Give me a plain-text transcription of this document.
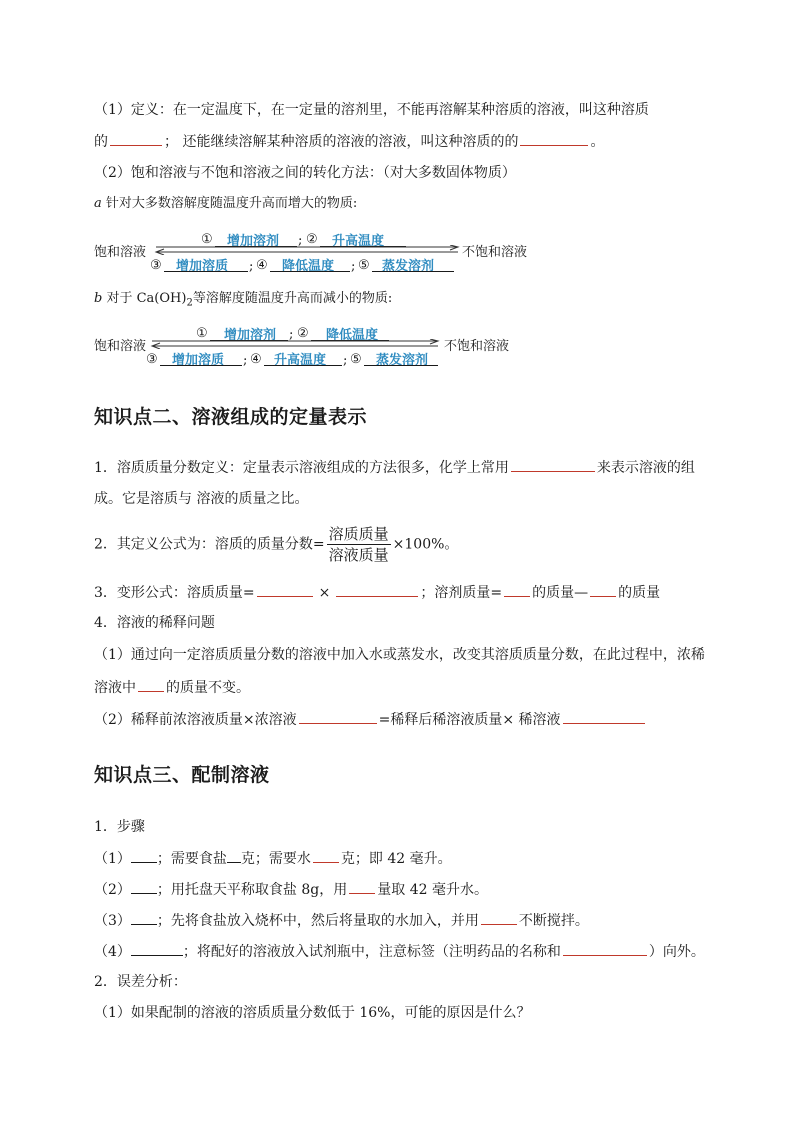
（1）定义：在一定温度下，在一定量的溶剂里，不能再溶解某种溶质的溶液，叫这种溶质
的	； 还能继续溶解某种溶质的溶液的溶液，叫这种溶质的的	。
（2）饱和溶液与不饱和溶液之间的转化方法：（对大多数固体物质）
a 针对大多数溶解度随温度升高而增大的物质:
饱和溶液
① 增加溶剂 ; ② 升高温度
不饱和溶液
③ 增加溶质 ; ④ 降低温度 ; ⑤ 蒸发溶剂
b 对于 $Ca(OH)_2$等溶解度随温度升高而减小的物质:
饱和溶液
① 增加溶剂 ; ② 降低温度
不饱和溶液
③ 增加溶质 ; ④ 升高温度 ; ⑤ 蒸发溶剂
知识点二、溶液组成的定量表示
1．溶质质量分数定义：定量表示溶液组成的方法很多，化学上常用	来表示溶液的组
成。它是溶质与 溶液的质量之比。
2．其定义公式为：溶质的质量分数= $\frac{\text{溶质质量}}{\text{溶液质量}} \times 100\%$。
3．变形公式：溶质质量=	×	；溶剂质量= 的质量— 的质量
4．溶液的稀释问题
（1）通过向一定溶质质量分数的溶液中加入水或蒸发水，改变其溶质质量分数，在此过程中，浓稀
溶液中 的质量不变。
（2）稀释前浓溶液质量×浓溶液	=稀释后稀溶液质量× 稀溶液
知识点三、配制溶液
1．步骤
（1） ；需要食盐 克；需要水 克；即 42 毫升。
（2） ；用托盘天平称取食盐 8g，用 量取 42 毫升水。
（3） ；先将食盐放入烧杯中，然后将量取的水加入，并用	不断搅拌。
（4）	；将配好的溶液放入试剂瓶中，注意标签（注明药品的名称和	）向外。
2．误差分析：
（1）如果配制的溶液的溶质质量分数低于 16%，可能的原因是什么？
